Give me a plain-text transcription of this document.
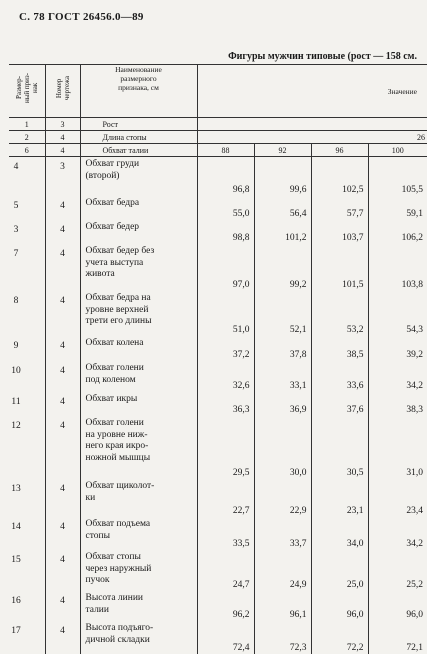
С. 78 ГОСТ 26456.0—89
Фигуры мужчин типовые (рост — 158 см.
Размер-
ный приз-
нак	Номер
чертежа	Наименование
размерного
признака, см	Значение			
1	3	Рост				
2	4	Длина стопы	26			
6	4	Обхват талии	88	92	96	100
4	3	Обхват груди
(второй)	96,8	99,6	102,5	105,5
5	4	Обхват бедра	55,0	56,4	57,7	59,1
3	4	Обхват бедер	98,8	101,2	103,7	106,2
7	4	Обхват бедер без
учета выступа
живота	97,0	99,2	101,5	103,8
8	4	Обхват бедра на
уровне верхней
трети его длины	51,0	52,1	53,2	54,3
9	4	Обхват колена	37,2	37,8	38,5	39,2
10	4	Обхват голени
под коленом	32,6	33,1	33,6	34,2
11	4	Обхват икры	36,3	36,9	37,6	38,3
12	4	Обхват голени
на уровне ниж-
него края икро-
ножной мышцы	29,5	30,0	30,5	31,0
13	4	Обхват щиколот-
ки	22,7	22,9	23,1	23,4
14	4	Обхват подъема
стопы	33,5	33,7	34,0	34,2
15	4	Обхват стопы
через наружный
пучок	24,7	24,9	25,0	25,2
16	4	Высота линии
талии	96,2	96,1	96,0	96,0
17	4	Высота подъяго-
дичной складки	72,4	72,3	72,2	72,1
